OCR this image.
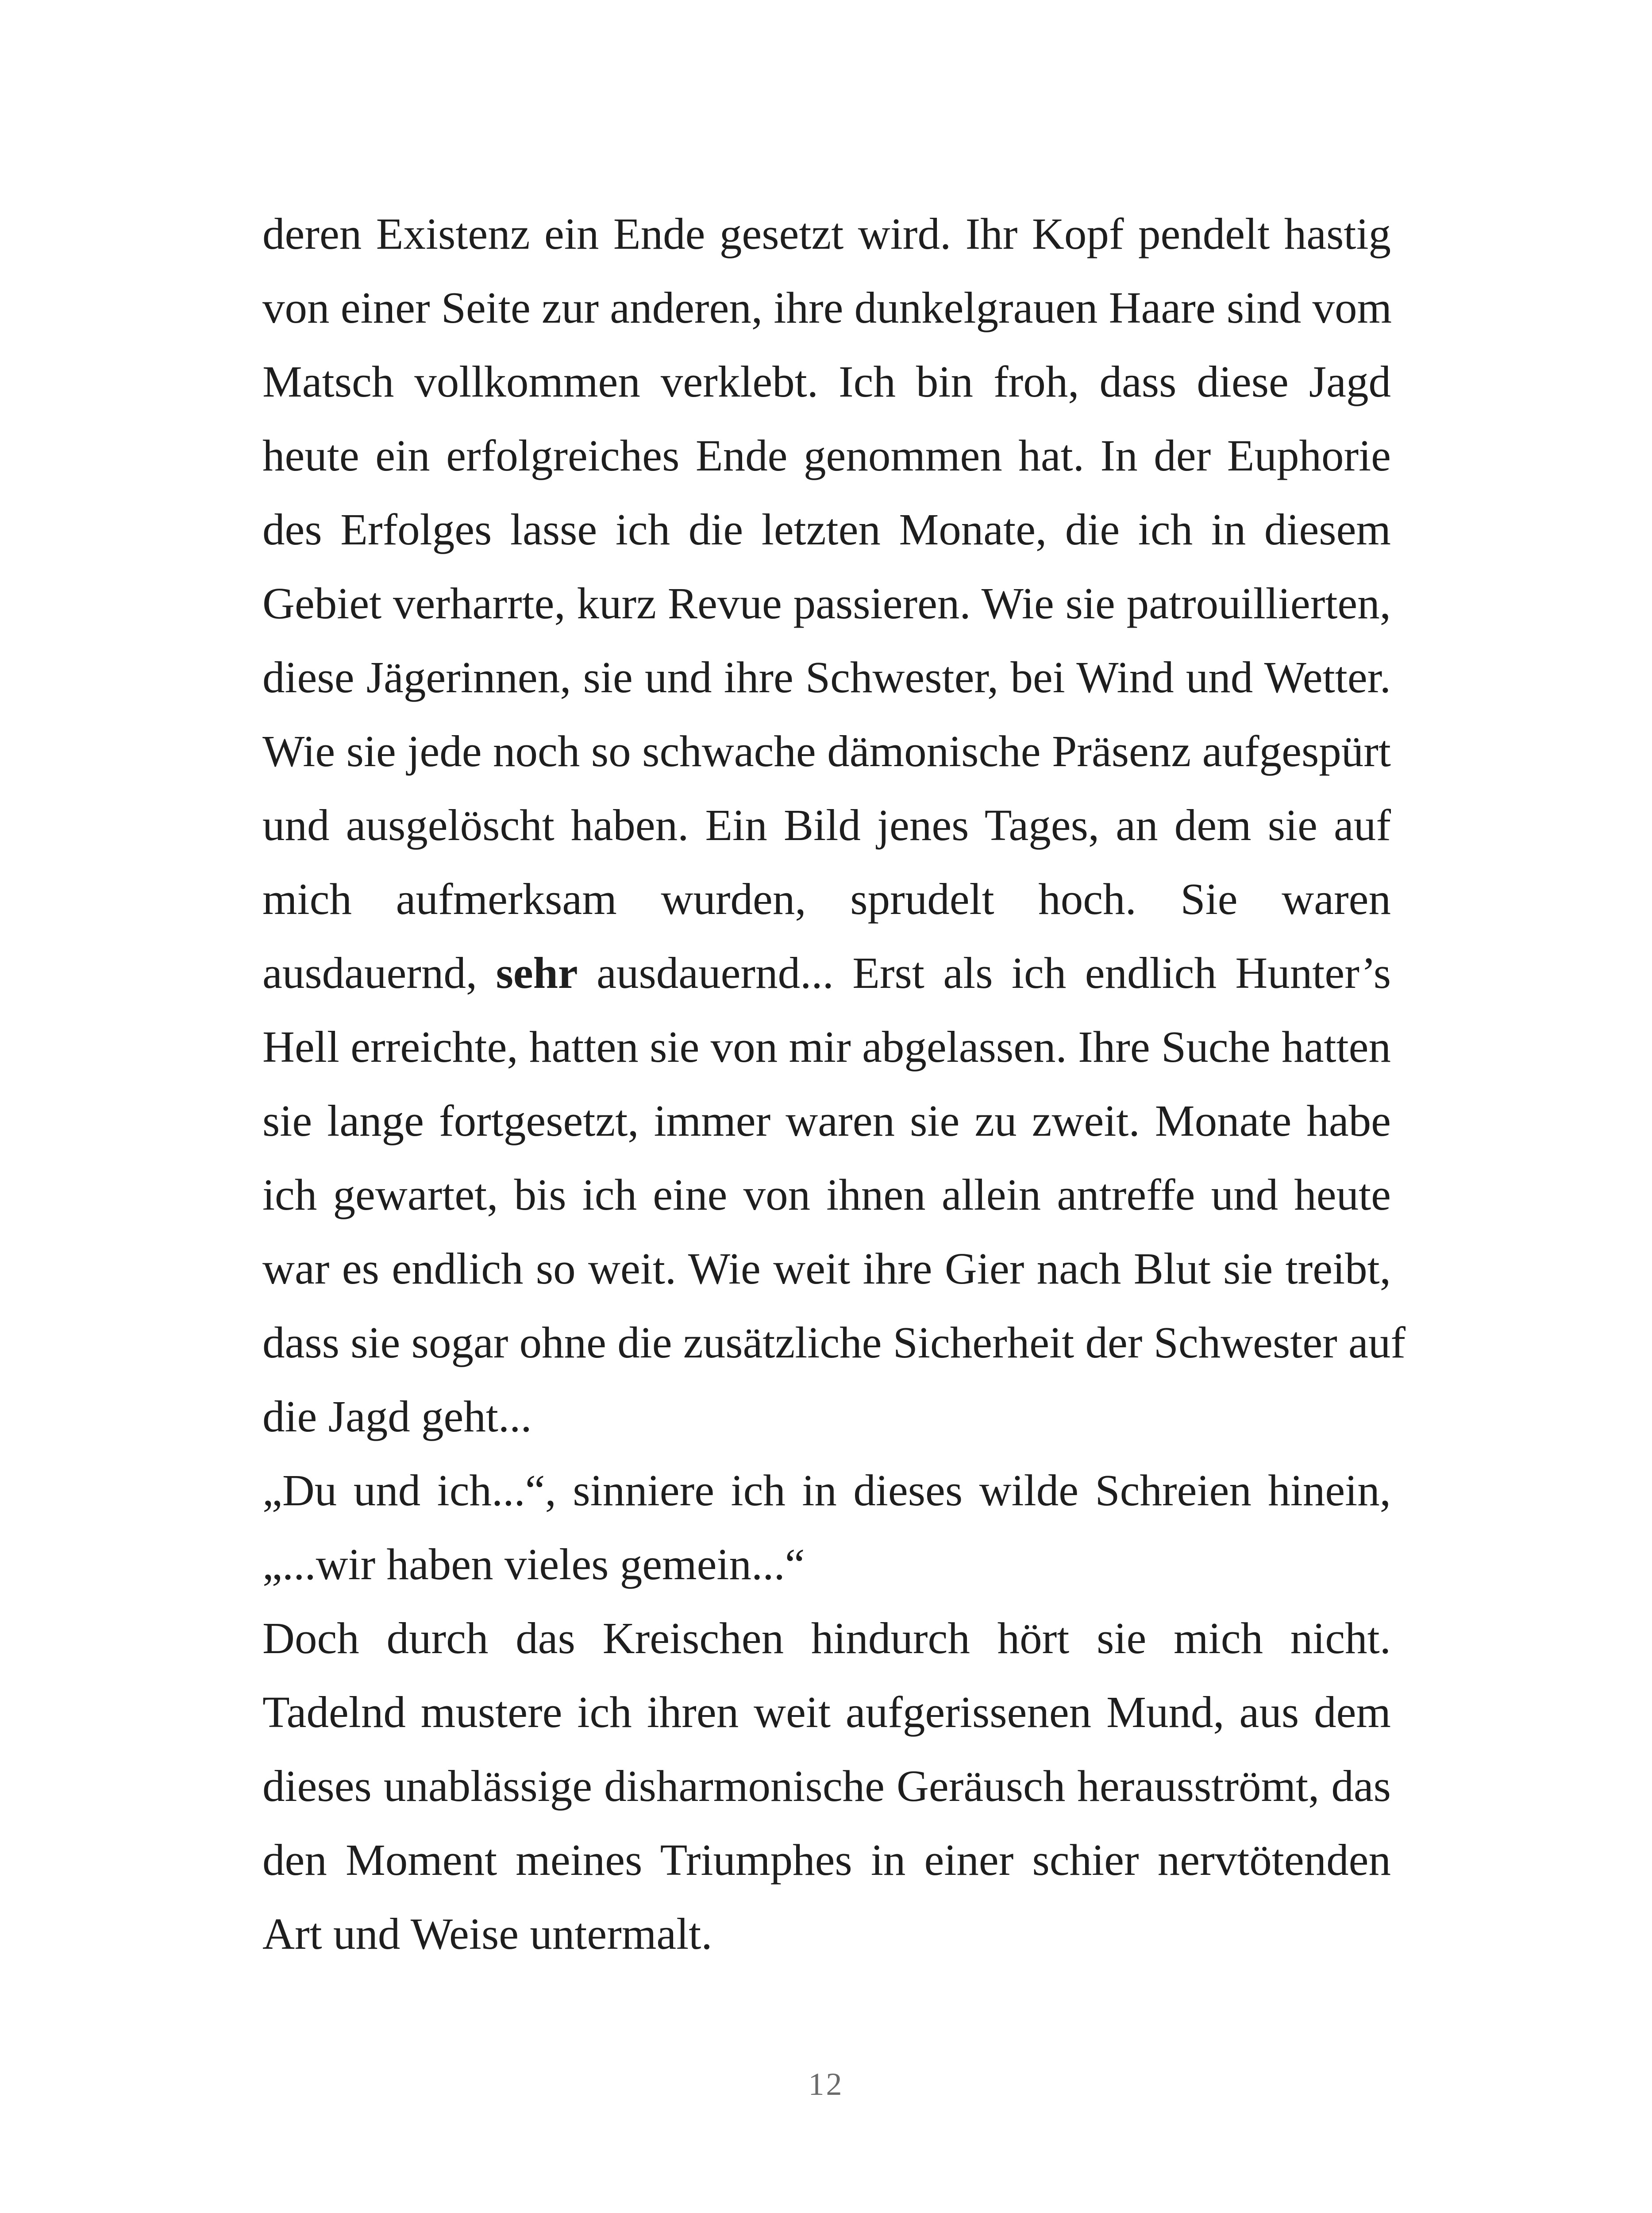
deren Existenz ein Ende gesetzt wird. Ihr Kopf pendelt hastig
von einer Seite zur anderen, ihre dunkelgrauen Haare sind vom
Matsch vollkommen verklebt. Ich bin froh, dass diese Jagd
heute ein erfolgreiches Ende genommen hat. In der Euphorie
des Erfolges lasse ich die letzten Monate, die ich in diesem
Gebiet verharrte, kurz Revue passieren. Wie sie patrouillierten,
diese Jägerinnen, sie und ihre Schwester, bei Wind und Wetter.
Wie sie jede noch so schwache dämonische Präsenz aufgespürt
und ausgelöscht haben. Ein Bild jenes Tages, an dem sie auf
mich aufmerksam wurden, sprudelt hoch. Sie waren
ausdauernd, sehr ausdauernd... Erst als ich endlich Hunter’s
Hell erreichte, hatten sie von mir abgelassen. Ihre Suche hatten
sie lange fortgesetzt, immer waren sie zu zweit. Monate habe
ich gewartet, bis ich eine von ihnen allein antreffe und heute
war es endlich so weit. Wie weit ihre Gier nach Blut sie treibt,
dass sie sogar ohne die zusätzliche Sicherheit der Schwester auf
die Jagd geht...
„Du und ich...“, sinniere ich in dieses wilde Schreien hinein,
„...wir haben vieles gemein...“
Doch durch das Kreischen hindurch hört sie mich nicht.
Tadelnd mustere ich ihren weit aufgerissenen Mund, aus dem
dieses unablässige disharmonische Geräusch herausströmt, das
den Moment meines Triumphes in einer schier nervtötenden
Art und Weise untermalt.
12
